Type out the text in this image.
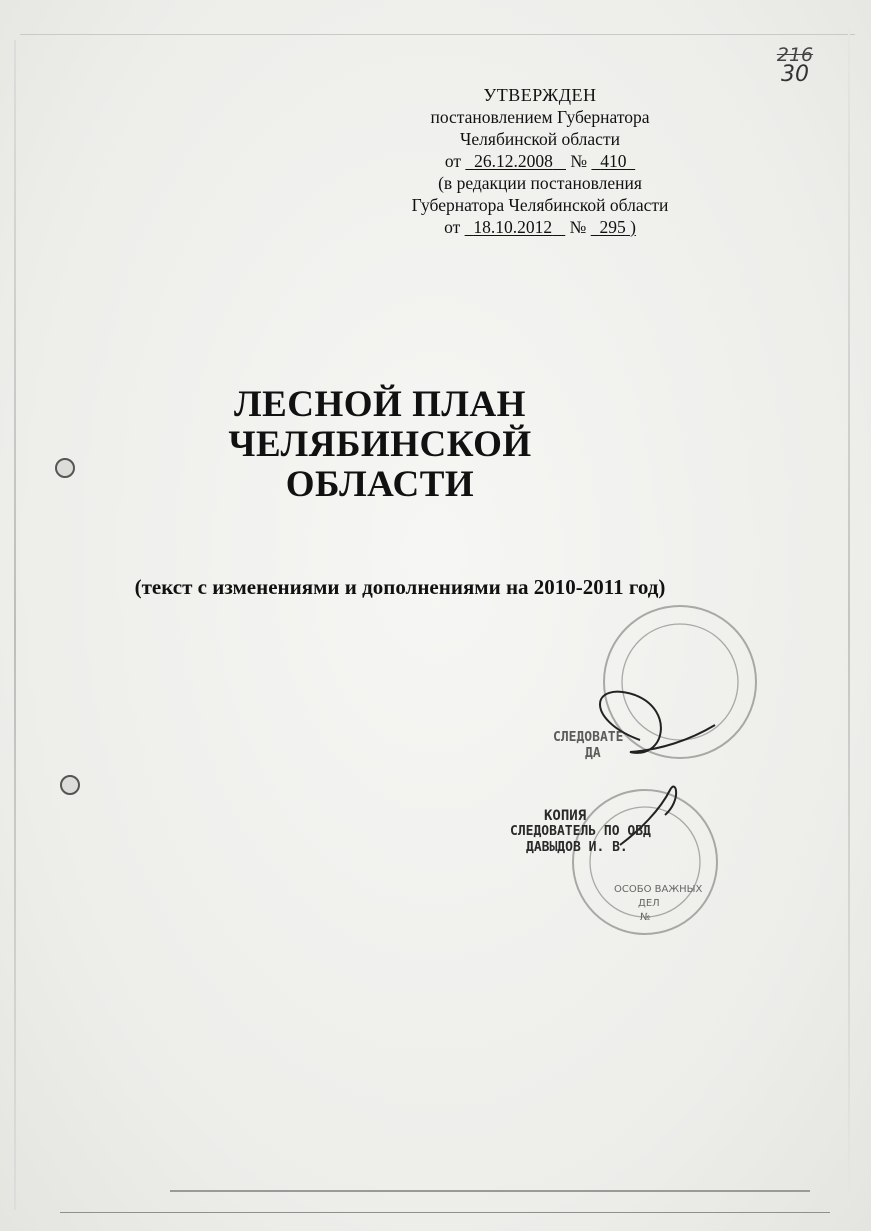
216
30
УТВЕРЖДЕН
постановлением Губернатора
Челябинской области
от 26.12.2008 № 410
(в редакции постановления
Губернатора Челябинской области
от 18.10.2012 № 295 )
ЛЕСНОЙ ПЛАН
ЧЕЛЯБИНСКОЙ
ОБЛАСТИ
(текст с изменениями и дополнениями на 2010-2011 год)
ОСОБО ВАЖНЫХ
ДЕЛ
№
СЛЕДОВАТЕ
ДА
КОПИЯ
СЛЕДОВАТЕЛЬ ПО ОВД
ДАВЫДОВ И. В.
